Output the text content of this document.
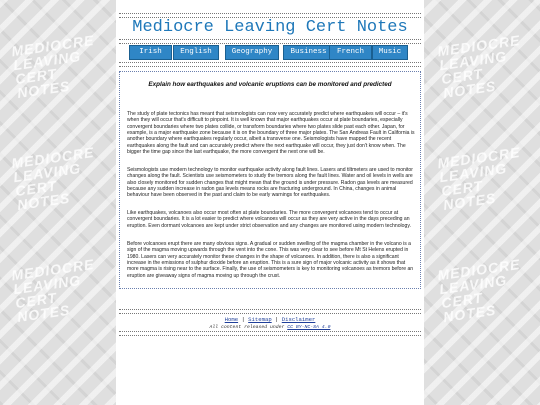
MEDIOCRE LEAVING CERT NOTES
MEDIOCRE LEAVING CERT NOTES
MEDIOCRE LEAVING CERT NOTES
MEDIOCRE LEAVING CERT NOTES
MEDIOCRE LEAVING CERT NOTES
MEDIOCRE LEAVING CERT NOTES
Mediocre Leaving Cert Notes
Irish	English	Geography	Business	French	Music
Explain how earthquakes and volcanic eruptions can be monitored and predicted

The study of plate tectonics has meant that seismologists can now very accurately predict where earthquakes will occur – it's when they will occur that's difficult to pinpoint. It is well known that major earthquakes occur at plate boundaries, especially convergent boundaries where two plates collide, or transform boundaries where two plates slide past each other. Japan, for example, is a major earthquake zone because it is on the boundary of three major plates. The San Andreas Fault in California is another boundary where earthquakes regularly occur, albeit a transverse one. Seismologists have mapped the recent earthquakes along the fault and can accurately predict where the next earthquake will occur, they just don't know when. The bigger the time gap since the last earthquake, the more convergent the next one will be.

Seismologists use modern technology to monitor earthquake activity along fault lines. Lasers and tiltmeters are used to monitor changes along the fault. Scientists use seismometers to study the tremors along the fault lines. Water and oil levels in wells are also closely monitored for sudden changes that might mean that the ground is under pressure. Radon gas levels are measured because any sudden increase in radon gas levels means rocks are fracturing underground. In China, changes in animal behaviour have been observed in the past and claim to be early warnings for earthquakes.

Like earthquakes, volcanoes also occur most often at plate boundaries. The more convergent volcanoes tend to occur at convergent boundaries. It is a lot easier to predict where volcanoes will occur as they are very active in the days preceding an eruption. Even dormant volcanoes are kept under strict observation and any changes are monitored using modern technology.

Before volcanoes erupt there are many obvious signs. A gradual or sudden swelling of the magma chamber in the volcano is a sign of the magma moving upwards through the vent into the cone. This was very clear to see before Mt St Helens erupted in 1980. Lasers can very accurately monitor these changes in the shape of volcanoes. In addition, there is also a significant increase in the emissions of sulphur dioxide before an eruption. This is a sure sign of major volcanic activity as it shows that more magma is rising near to the surface. Finally, the use of seismometers is key to monitoring volcanoes as tremors before an eruption are giveaway signs of magma moving up through the crust.

Home | Sitemap | Disclaimer
All content released under CC BY-NC-SA 4.0
